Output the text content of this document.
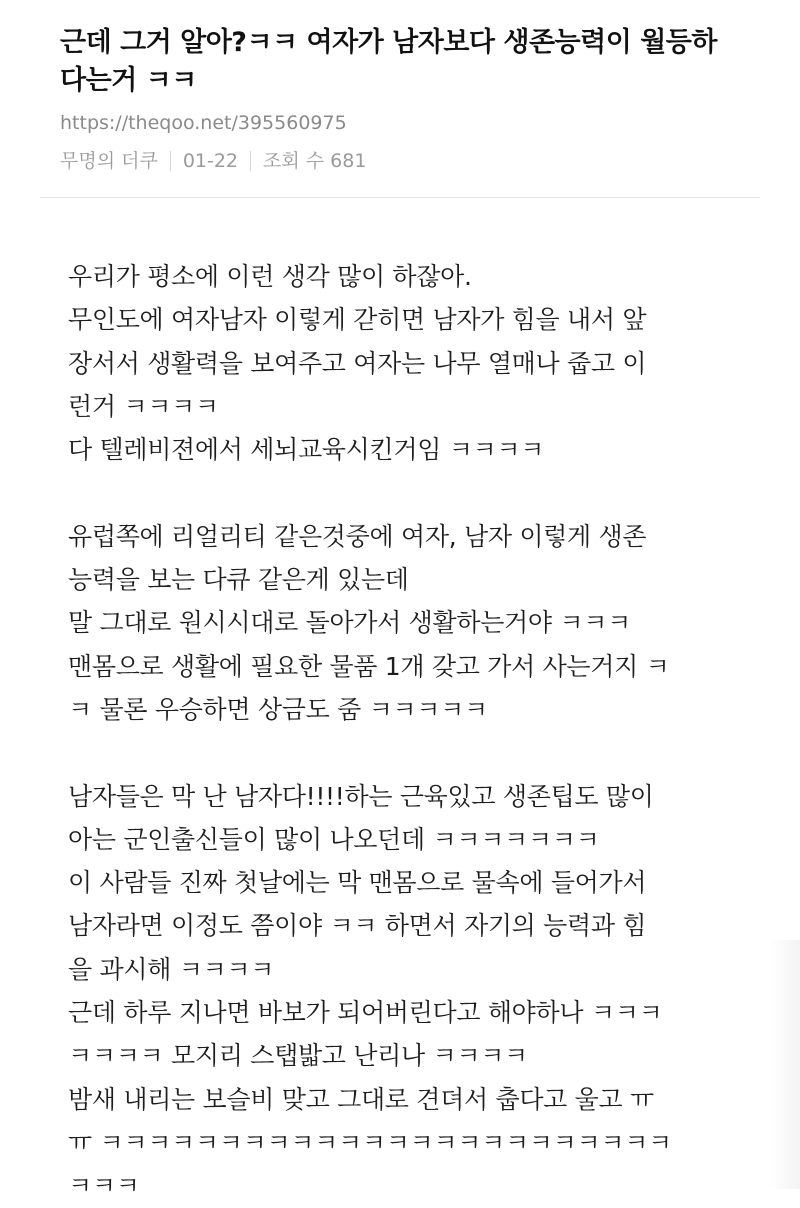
근데 그거 알아?ㅋㅋ 여자가 남자보다 생존능력이 월등하
다는거 ㅋㅋ
https://theqoo.net/395560975
무명의 더쿠 01-22 조회 수 681
우리가 평소에 이런 생각 많이 하잖아.
무인도에 여자남자 이렇게 갇히면 남자가 힘을 내서 앞
장서서 생활력을 보여주고 여자는 나무 열매나 줍고 이
런거 ㅋㅋㅋㅋ
다 텔레비젼에서 세뇌교육시킨거임 ㅋㅋㅋㅋ
유럽쪽에 리얼리티 같은것중에 여자, 남자 이렇게 생존
능력을 보는 다큐 같은게 있는데
말 그대로 원시시대로 돌아가서 생활하는거야 ㅋㅋㅋ
맨몸으로 생활에 필요한 물품 1개 갖고 가서 사는거지 ㅋ
ㅋ 물론 우승하면 상금도 줌 ㅋㅋㅋㅋㅋ
남자들은 막 난 남자다!!!!하는 근육있고 생존팁도 많이
아는 군인출신들이 많이 나오던데 ㅋㅋㅋㅋㅋㅋㅋ
이 사람들 진짜 첫날에는 막 맨몸으로 물속에 들어가서
남자라면 이정도 쯤이야 ㅋㅋ 하면서 자기의 능력과 힘
을 과시해 ㅋㅋㅋㅋ
근데 하루 지나면 바보가 되어버린다고 해야하나 ㅋㅋㅋ
ㅋㅋㅋㅋ 모지리 스탭밟고 난리나 ㅋㅋㅋㅋ
밤새 내리는 보슬비 맞고 그대로 견뎌서 춥다고 울고 ㅠ
ㅠ ㅋㅋㅋㅋㅋㅋㅋㅋㅋㅋㅋㅋㅋㅋㅋㅋㅋㅋㅋㅋㅋㅋㅋㅋ
ㅋㅋㅋ
